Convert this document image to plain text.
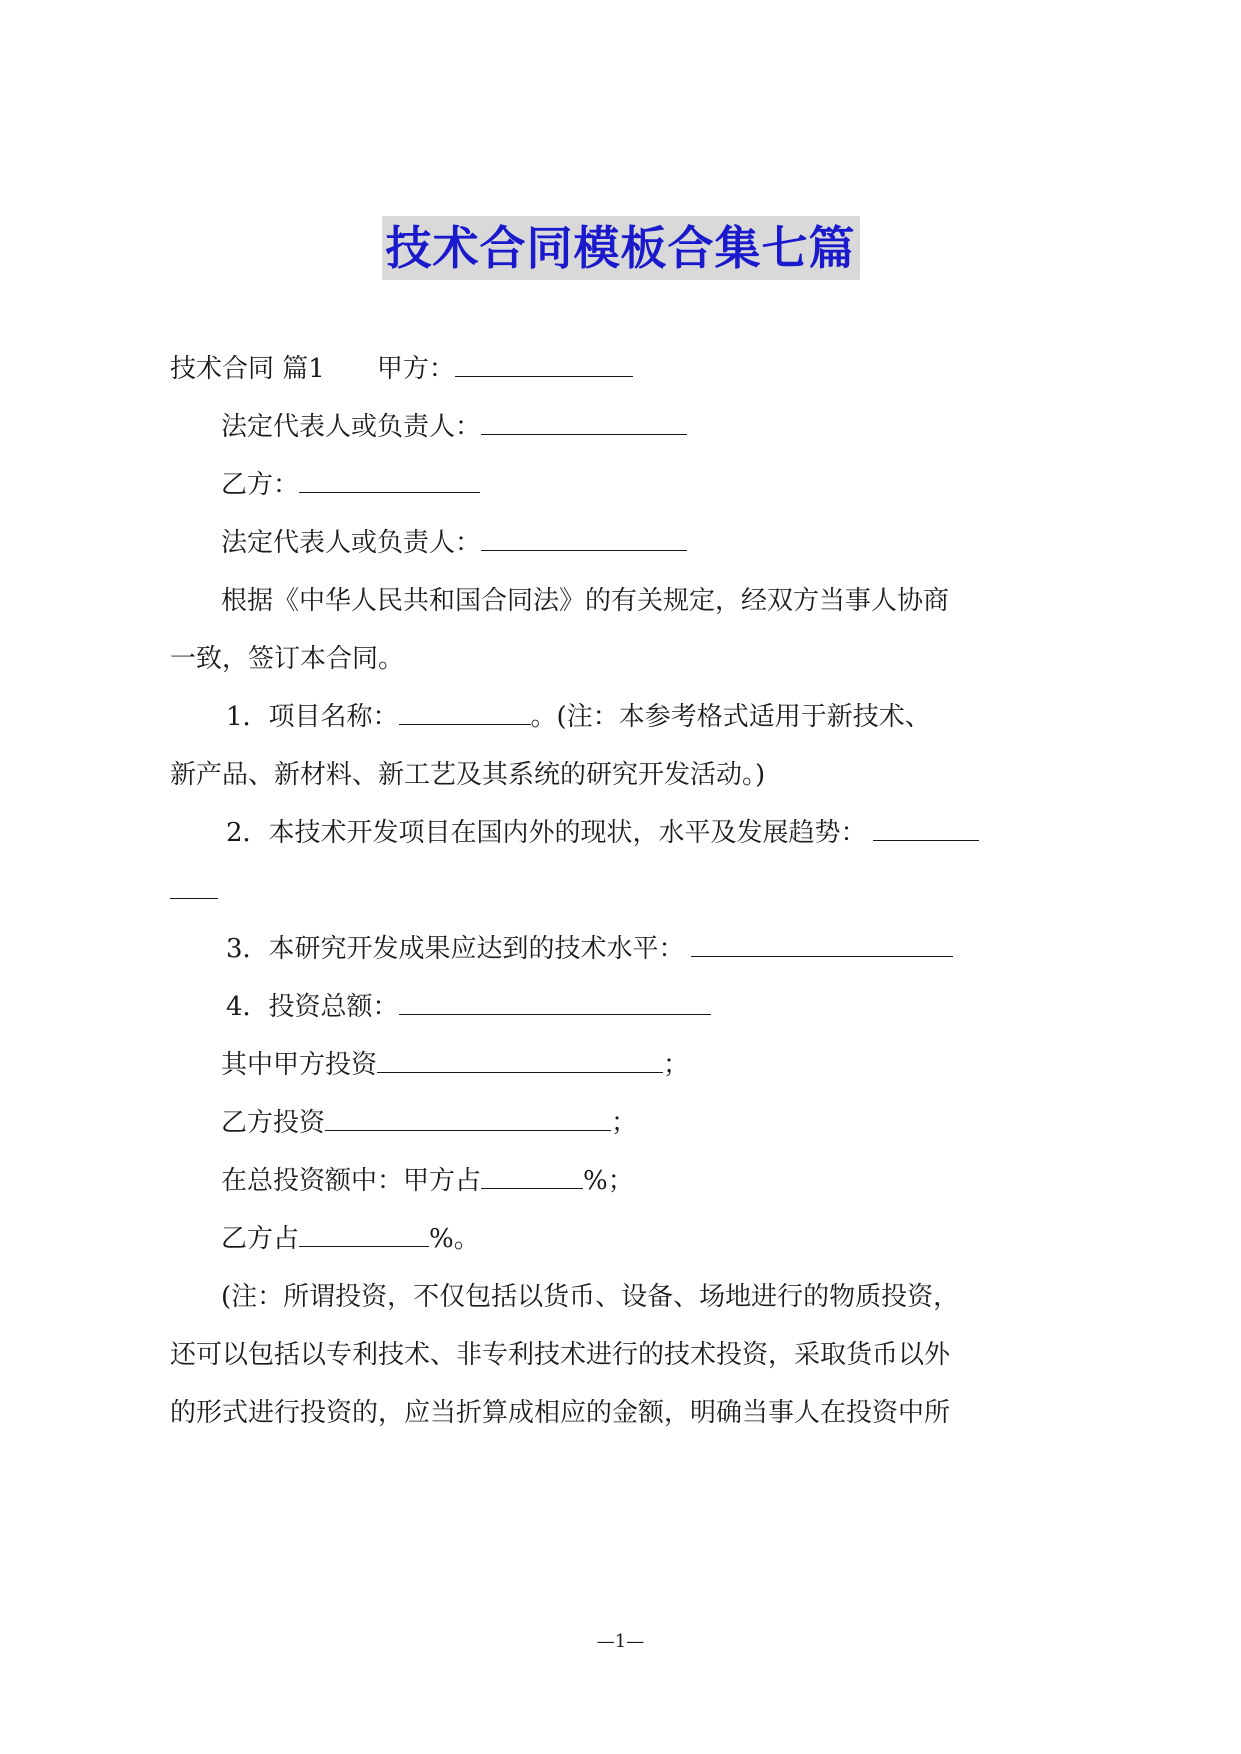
技术合同模板合集七篇
技术合同 篇1 甲方：
法定代表人或负责人：
乙方：
法定代表人或负责人：
根据《中华人民共和国合同法》的有关规定，经双方当事人协商
一致，签订本合同。
1．项目名称：	。(注：本参考格式适用于新技术、
新产品、新材料、新工艺及其系统的研究开发活动。)
2．本技术开发项目在国内外的现状，水平及发展趋势：
3．本研究开发成果应达到的技术水平：
4．投资总额：
其中甲方投资	；
乙方投资	；
在总投资额中：甲方占	%；
乙方占	%。
(注：所谓投资，不仅包括以货币、设备、场地进行的物质投资，
还可以包括以专利技术、非专利技术进行的技术投资，采取货币以外
的形式进行投资的，应当折算成相应的金额，明确当事人在投资中所
—1—
